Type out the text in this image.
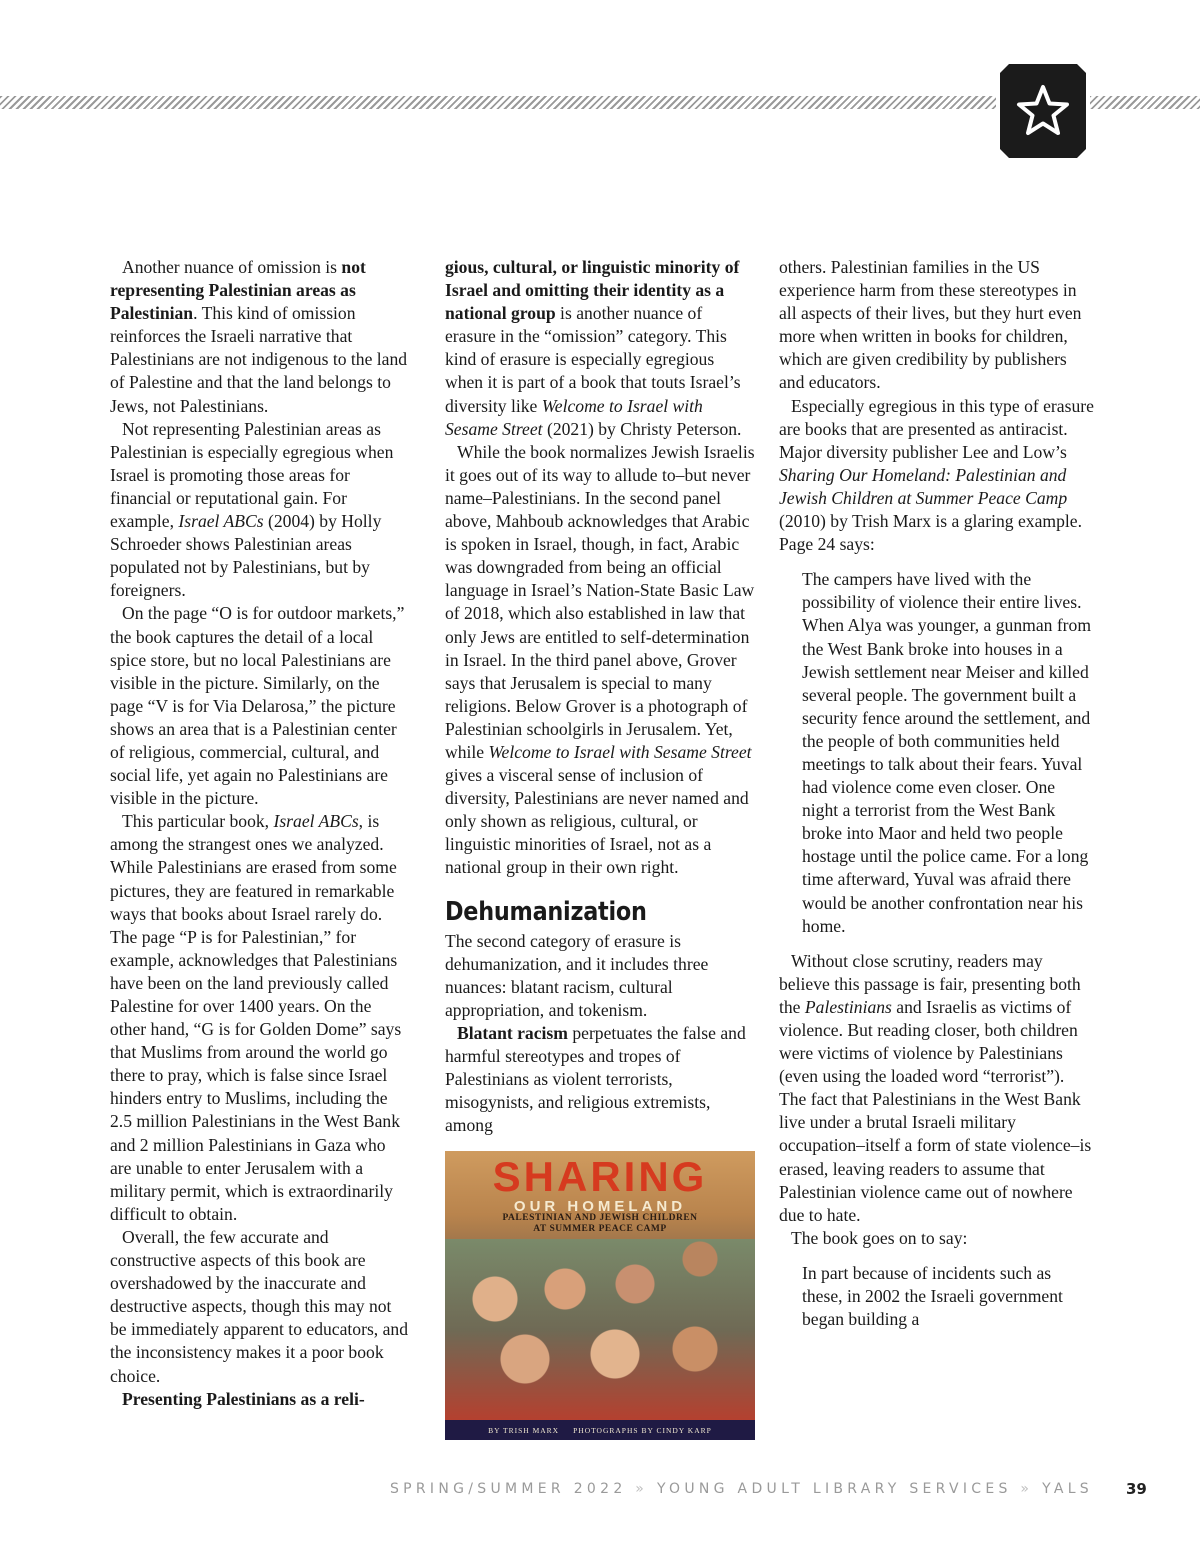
Another nuance of omission is not representing Palestinian areas as Palestinian. This kind of omission reinforces the Israeli narrative that Palestinians are not indigenous to the land of Palestine and that the land belongs to Jews, not Palestinians.

Not representing Palestinian areas as Palestinian is especially egregious when Israel is promoting those areas for financial or reputational gain. For example, Israel ABCs (2004) by Holly Schroeder shows Palestinian areas populated not by Palestinians, but by foreigners.

On the page “O is for outdoor markets,” the book captures the detail of a local spice store, but no local Palestinians are visible in the picture. Similarly, on the page “V is for Via Delarosa,” the picture shows an area that is a Palestinian center of religious, commercial, cultural, and social life, yet again no Palestinians are visible in the picture.

This particular book, Israel ABCs, is among the strangest ones we analyzed. While Palestinians are erased from some pictures, they are featured in remarkable ways that books about Israel rarely do. The page “P is for Palestinian,” for example, acknowledges that Palestinians have been on the land previously called Palestine for over 1400 years. On the other hand, “G is for Golden Dome” says that Muslims from around the world go there to pray, which is false since Israel hinders entry to Muslims, including the 2.5 million Palestinians in the West Bank and 2 million Palestinians in Gaza who are unable to enter Jerusalem with a military permit, which is extraordinarily difficult to obtain.

Overall, the few accurate and constructive aspects of this book are overshadowed by the inaccurate and destructive aspects, though this may not be immediately apparent to educators, and the inconsistency makes it a poor book choice.

Presenting Palestinians as a reli-

gious, cultural, or linguistic minority of Israel and omitting their identity as a national group is another nuance of erasure in the “omission” category. This kind of erasure is especially egregious when it is part of a book that touts Israel’s diversity like Welcome to Israel with Sesame Street (2021) by Christy Peterson.

While the book normalizes Jewish Israelis it goes out of its way to allude to–but never name–Palestinians. In the second panel above, Mahboub acknowledges that Arabic is spoken in Israel, though, in fact, Arabic was downgraded from being an official language in Israel’s Nation-State Basic Law of 2018, which also established in law that only Jews are entitled to self-determination in Israel. In the third panel above, Grover says that Jerusalem is special to many religions. Below Grover is a photograph of Palestinian schoolgirls in Jerusalem. Yet, while Welcome to Israel with Sesame Street gives a visceral sense of inclusion of diversity, Palestinians are never named and only shown as religious, cultural, or linguistic minorities of Israel, not as a national group in their own right.

Dehumanization

The second category of erasure is dehumanization, and it includes three nuances: blatant racism, cultural appropriation, and tokenism.

Blatant racism perpetuates the false and harmful stereotypes and tropes of Palestinians as violent terrorists, misogynists, and religious extremists, among

SHARING
OUR HOMELAND
PALESTINIAN AND JEWISH CHILDREN
AT SUMMER PEACE CAMP
BY TRISH MARX PHOTOGRAPHS BY CINDY KARP

others. Palestinian families in the US experience harm from these stereotypes in all aspects of their lives, but they hurt even more when written in books for children, which are given credibility by publishers and educators.

Especially egregious in this type of erasure are books that are presented as antiracist. Major diversity publisher Lee and Low’s Sharing Our Homeland: Palestinian and Jewish Children at Summer Peace Camp (2010) by Trish Marx is a glaring example. Page 24 says:

The campers have lived with the possibility of violence their entire lives. When Alya was younger, a gunman from the West Bank broke into houses in a Jewish settlement near Meiser and killed several people. The government built a security fence around the settlement, and the people of both communities held meetings to talk about their fears. Yuval had violence come even closer. One night a terrorist from the West Bank broke into Maor and held two people hostage until the police came. For a long time afterward, Yuval was afraid there would be another confrontation near his home.

Without close scrutiny, readers may believe this passage is fair, presenting both the Palestinians and Israelis as victims of violence. But reading closer, both children were victims of violence by Palestinians (even using the loaded word “terrorist”). The fact that Palestinians in the West Bank live under a brutal Israeli military occupation–itself a form of state violence–is erased, leaving readers to assume that Palestinian violence came out of nowhere due to hate.

The book goes on to say:

In part because of incidents such as these, in 2002 the Israeli government began building a

SPRING/SUMMER 2022 » YOUNG ADULT LIBRARY SERVICES » YALS 39
